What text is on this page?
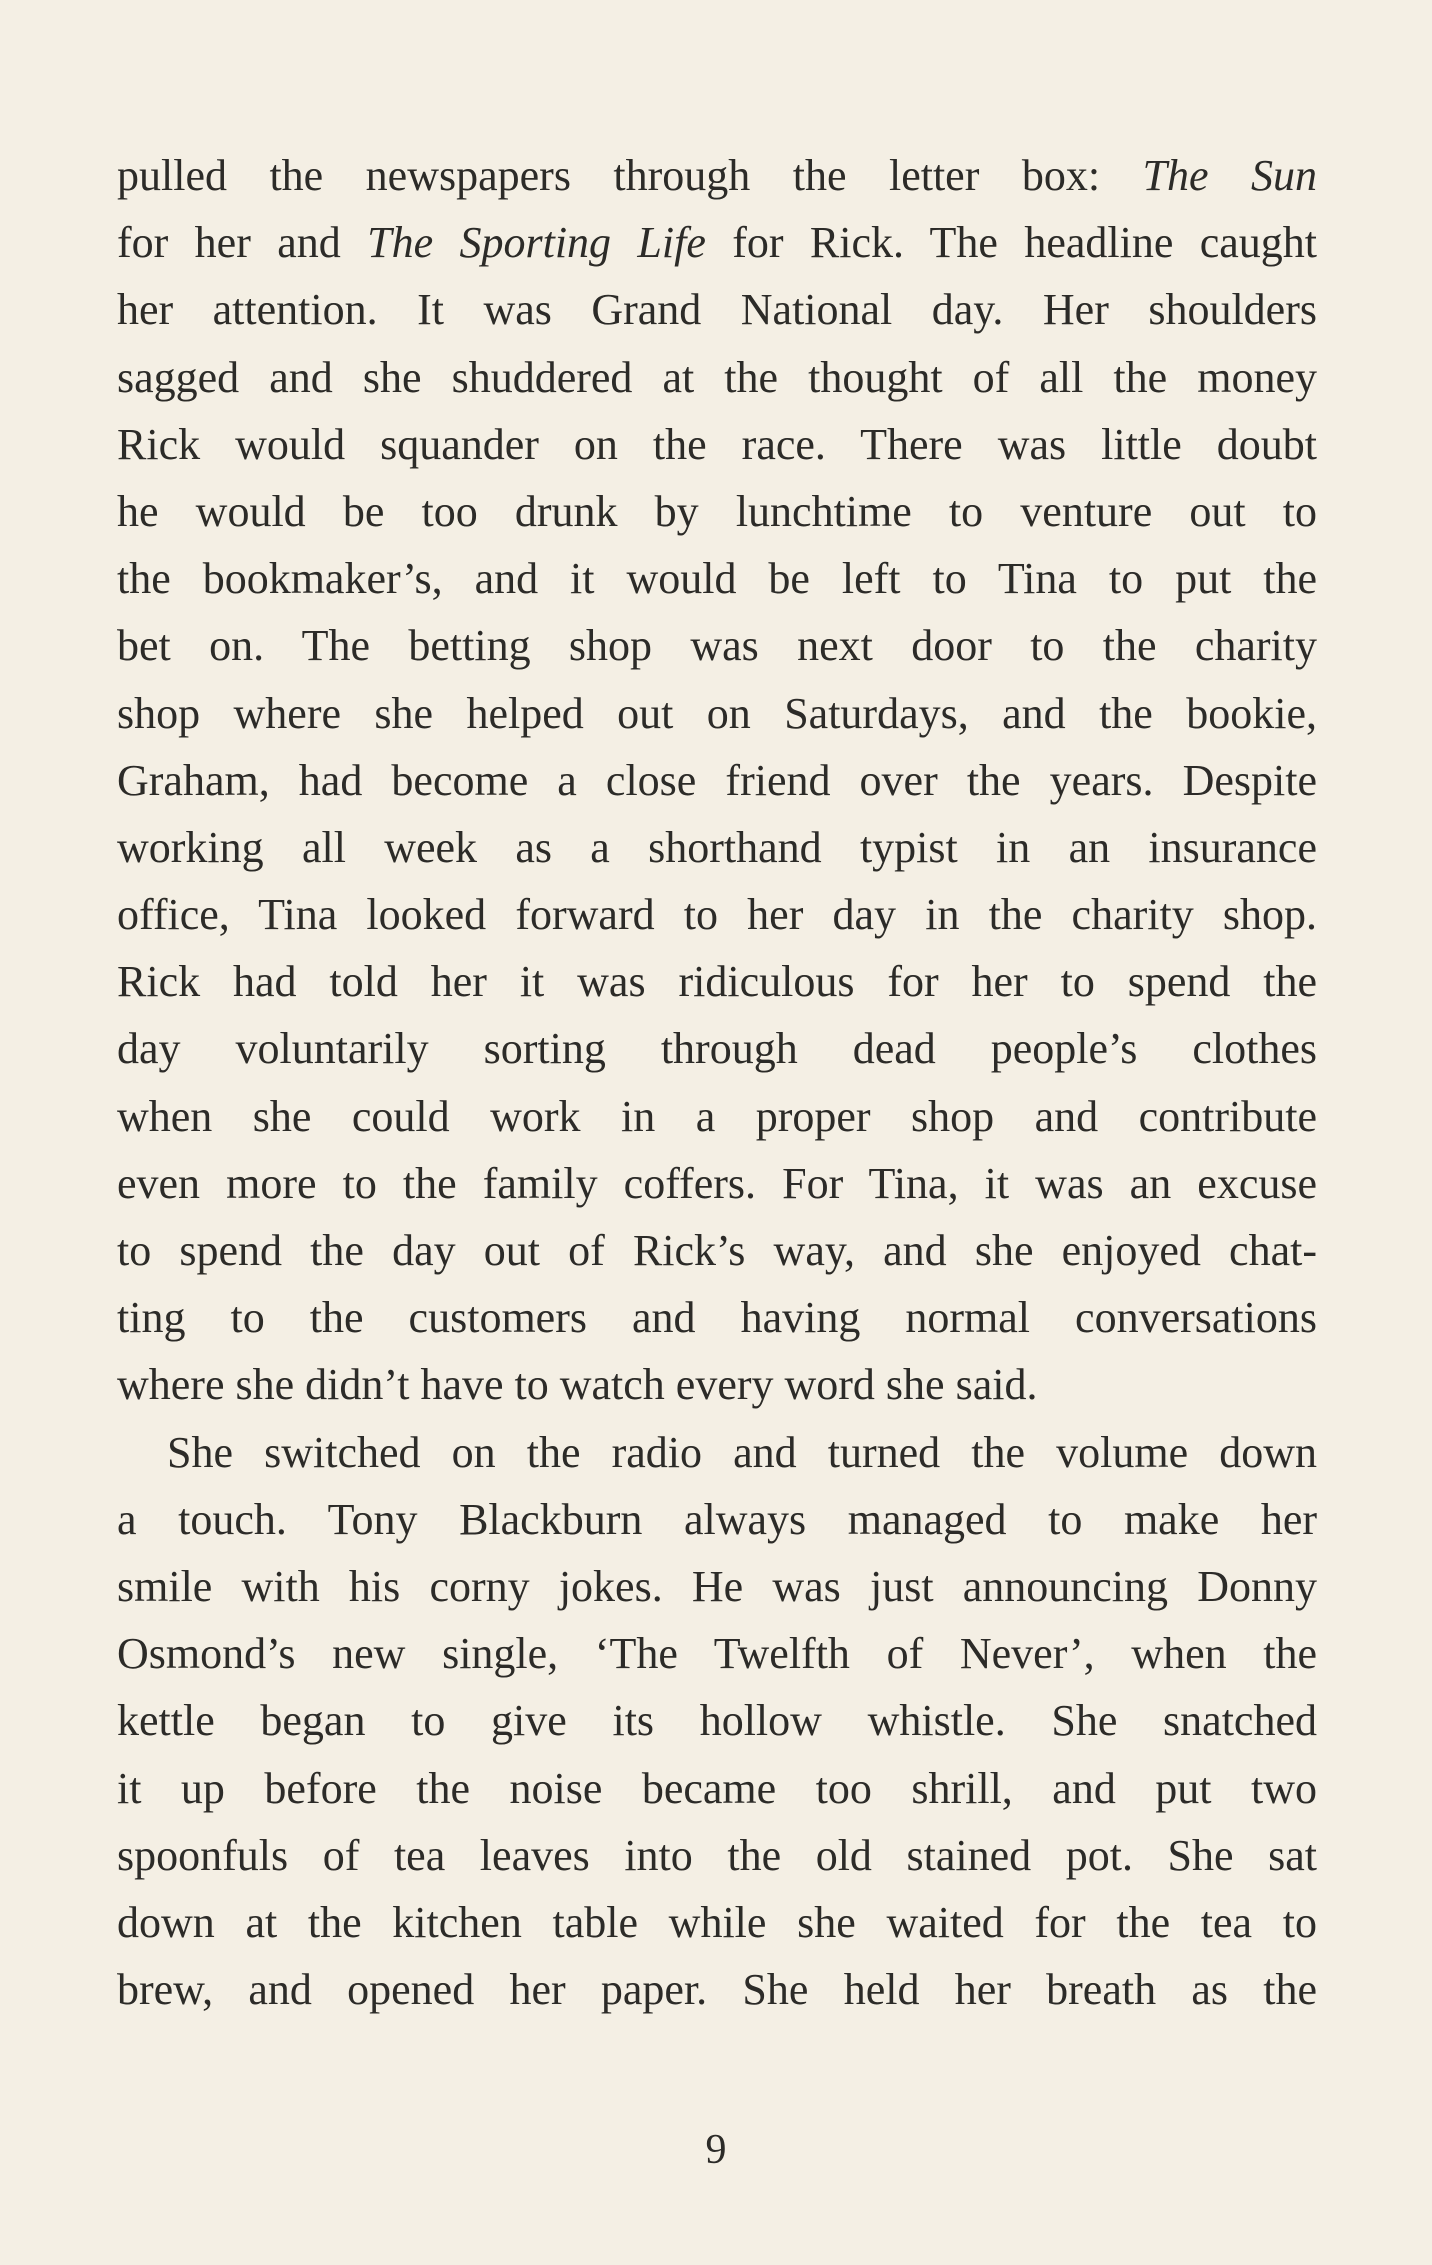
pulled the newspapers through the letter box: The Sun
for her and The Sporting Life for Rick. The headline caught
her attention. It was Grand National day. Her shoulders
sagged and she shuddered at the thought of all the money
Rick would squander on the race. There was little doubt
he would be too drunk by lunchtime to venture out to
the bookmaker’s, and it would be left to Tina to put the
bet on. The betting shop was next door to the charity
shop where she helped out on Saturdays, and the bookie,
Graham, had become a close friend over the years. Despite
working all week as a shorthand typist in an insurance
office, Tina looked forward to her day in the charity shop.
Rick had told her it was ridiculous for her to spend the
day voluntarily sorting through dead people’s clothes
when she could work in a proper shop and contribute
even more to the family coffers. For Tina, it was an excuse
to spend the day out of Rick’s way, and she enjoyed chat-
ting to the customers and having normal conversations
where she didn’t have to watch every word she said.
She switched on the radio and turned the volume down
a touch. Tony Blackburn always managed to make her
smile with his corny jokes. He was just announcing Donny
Osmond’s new single, ‘The Twelfth of Never’, when the
kettle began to give its hollow whistle. She snatched
it up before the noise became too shrill, and put two
spoonfuls of tea leaves into the old stained pot. She sat
down at the kitchen table while she waited for the tea to
brew, and opened her paper. She held her breath as the
9
